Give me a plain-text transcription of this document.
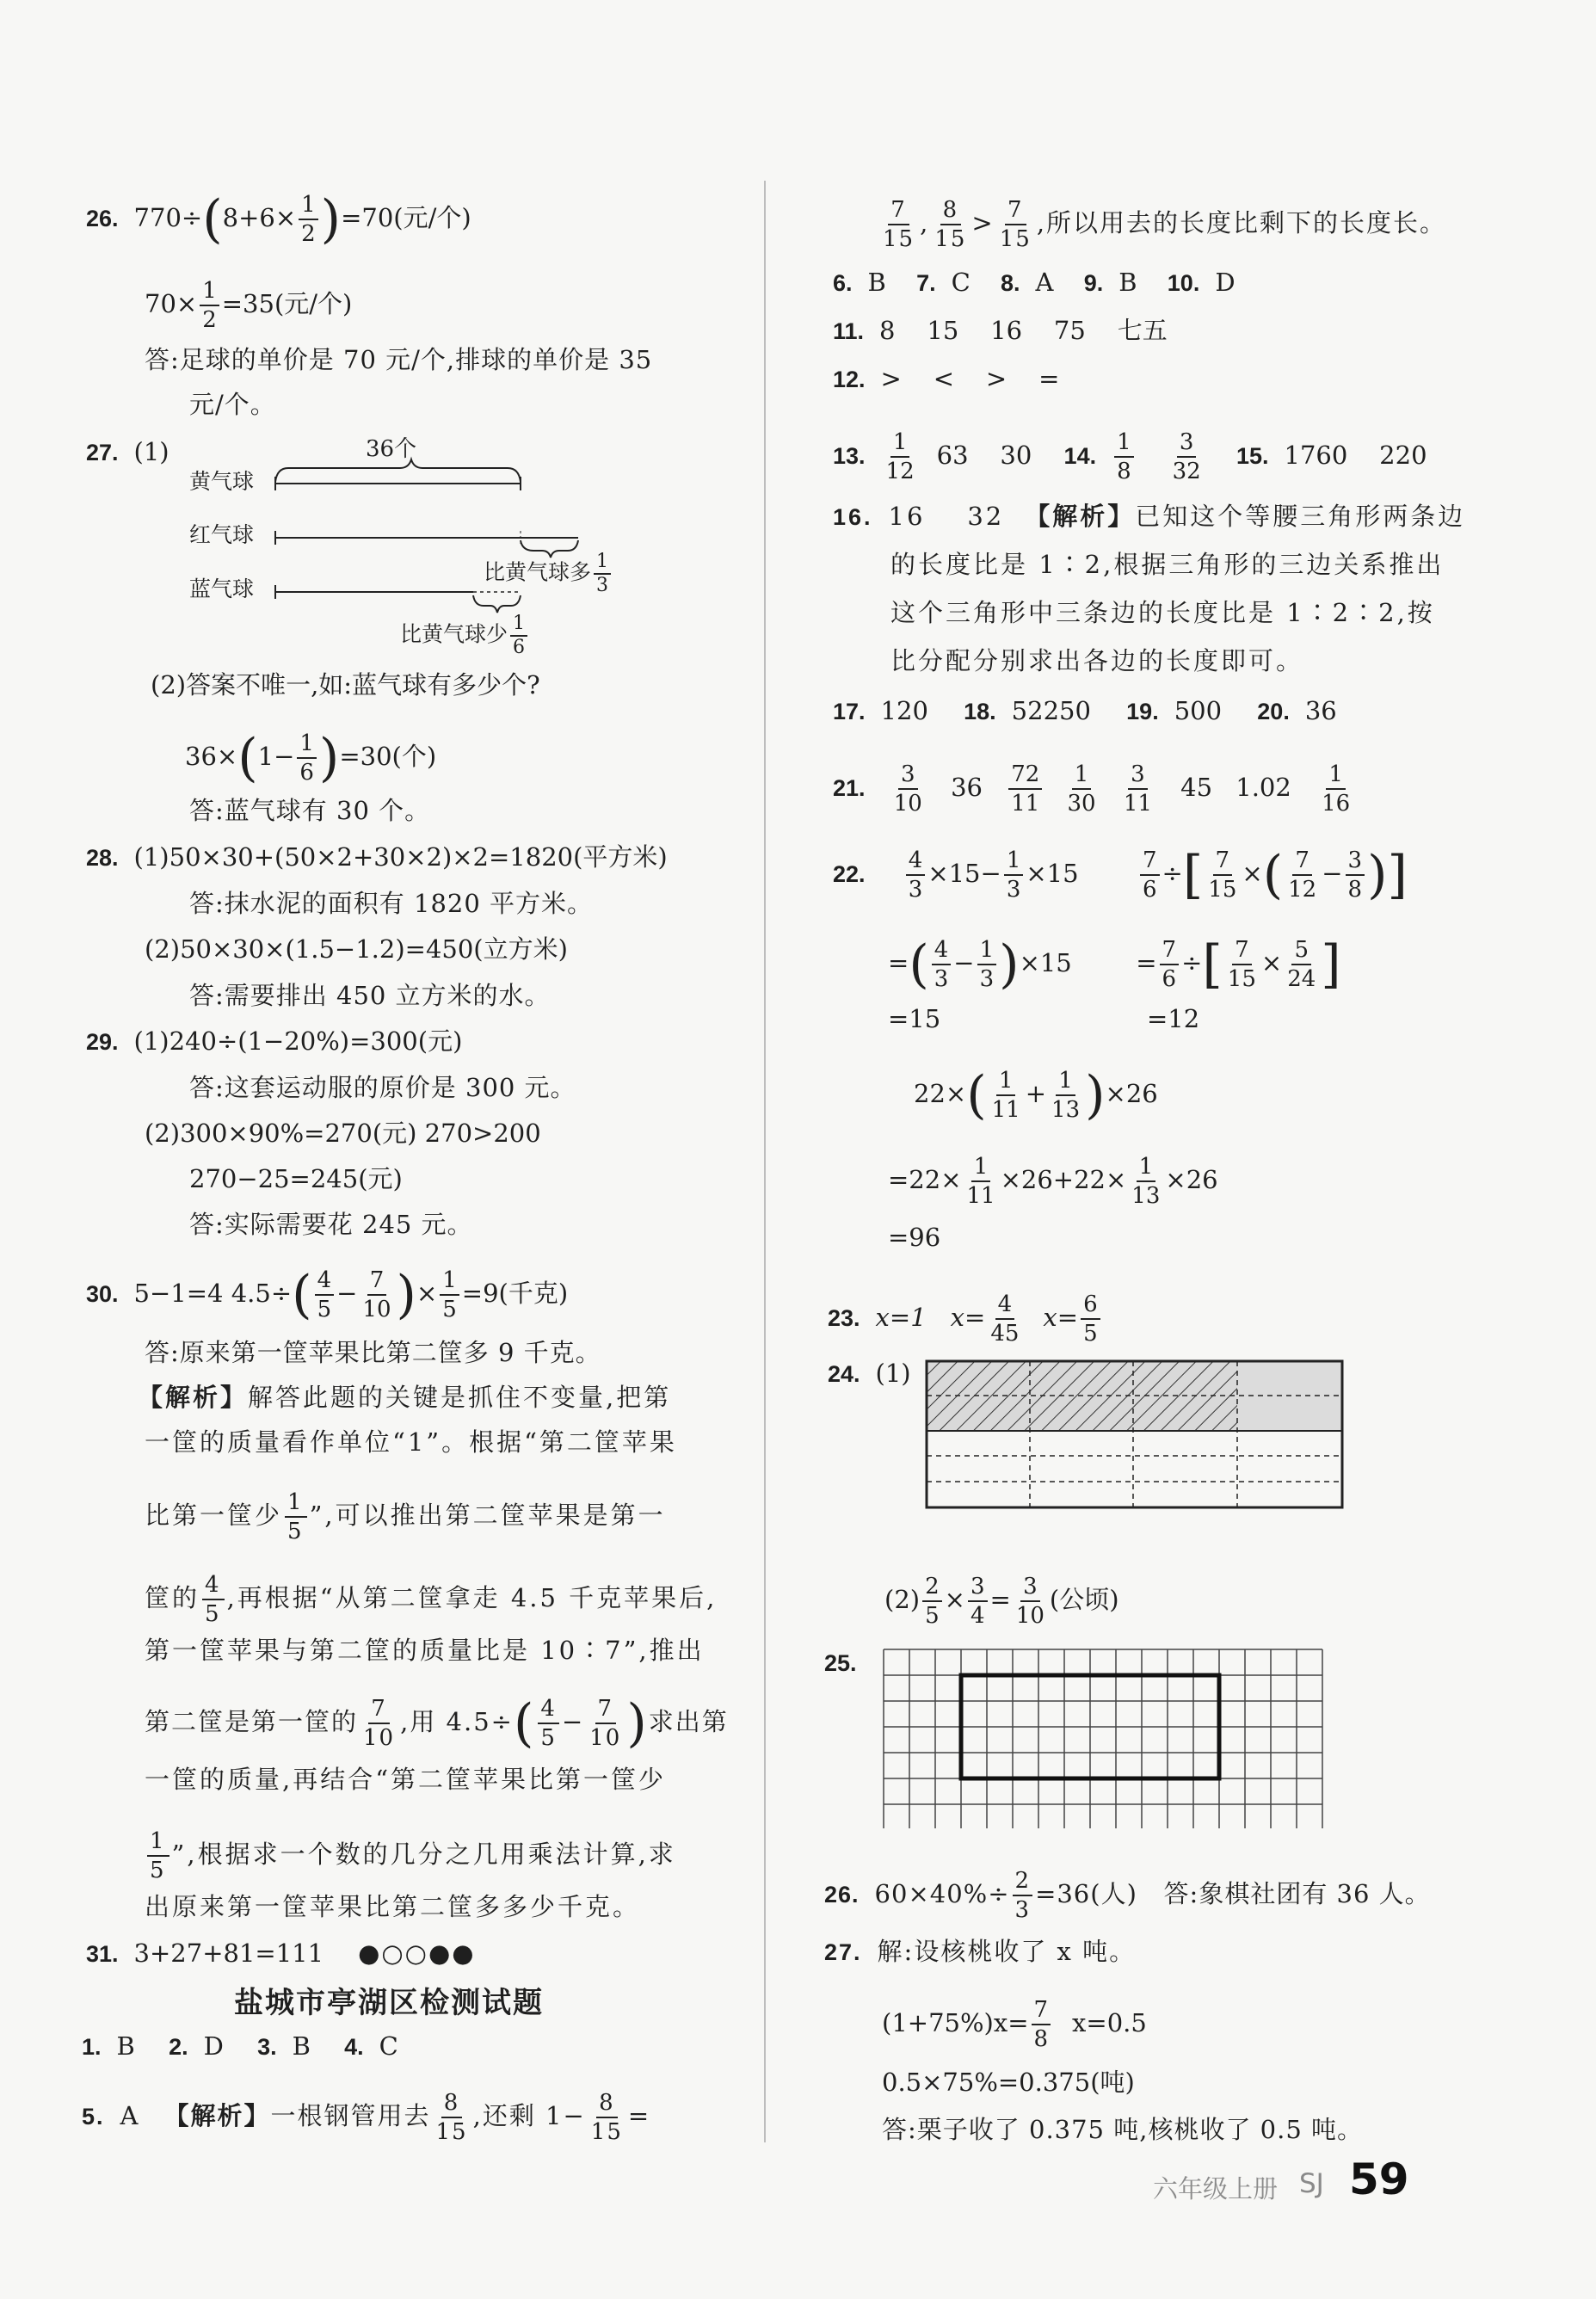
26. $770\div(8+6\times \frac{1}{2} )=70$(元/个)
$70\times \frac{1}{2} =35$(元/个)
答:足球的单价是 70 元/个,排球的单价是 35
元/个。
27. (1)	36个
黄气球
红气球
蓝气球
比黄气球多 $\frac{1}{3}$
比黄气球少 $\frac{1}{6}$
(2)答案不唯一,如:蓝气球有多少个?
$36\times(1- \frac{1}{6} )=30$(个)
答:蓝气球有 30 个。
28. (1)50×30+(50×2+30×2)×2=1820(平方米)
答:抹水泥的面积有 1820 平方米。
(2)50×30×(1.5−1.2)=450(立方米)
答:需要排出 450 立方米的水。
29. (1)240÷(1−20%)=300(元)
答:这套运动服的原价是 300 元。
(2)300×90%=270(元) 270>200
270−25=245(元)
答:实际需要花 245 元。
30. 5−1=4 $4.5\div( \frac{4}{5} - \frac{7}{10}$ )× $\frac{1}{5} =9$(千克)
答:原来第一筐苹果比第二筐多 9 千克。
【解析】解答此题的关键是抓住不变量,把第
一筐的质量看作单位“1”。根据“第二筐苹果
比第一筐少 $\frac{1}{5}$ ”,可以推出第二筐苹果是第一
筐的 $\frac{4}{5}$ ,再根据“从第二筐拿走 4.5 千克苹果后,
第一筐苹果与第二筐的质量比是 10∶7”,推出
第二筐是第一筐的 $\frac{7}{10}$ ,用 $4.5\div( \frac{4}{5} - \frac{7}{10}$ )求出第
一筐的质量,再结合“第二筐苹果比第一筐少
$\frac{1}{5}$ ”,根据求一个数的几分之几用乘法计算,求
出原来第一筐苹果比第二筐多多少千克。
31. 3+27+81=111 ●○○●●
盐城市亭湖区检测试题
1. B 2. D 3. B 4. C
5. A 【解析】一根钢管用去 $\frac{8}{15}$ ,还剩 $1- \frac{8}{15}$ =
$\frac{7}{15}$ , $\frac{8}{15} > \frac{7}{15}$ ,所以用去的长度比剩下的长度长。
6. B 7. C 8. A 9. B 10. D
11. 8    15    16    75    七五
12. >    <    >    =
13. $\frac{1}{12} 63$    30 14. $\frac{1}{8} \frac{3}{32} 15$. 1760    220
16. 16    32 【解析】已知这个等腰三角形两条边
的长度比是 1∶2,根据三角形的三边关系推出
这个三角形中三条边的长度比是 1∶2∶2,按
比分配分别求出各边的长度即可。
17. 120 18. 52250 19. 500 20. 36
21. $\frac{3}{10} 36 \frac{72}{11}$
$\frac{1}{30}$
$\frac{3}{11} 45$ $1.02 \frac{1}{16}$
22. $\frac{4}{3} \times 15- \frac{1}{3} \times 15$	$\frac{7}{6}$ ÷[ $\frac{7}{15}$ ×( $\frac{7}{12} - \frac{3}{8}$ )]
=( $\frac{4}{3} - \frac{1}{3} )\times 15$	= $\frac{7}{6}$ ÷[ $\frac{7}{15} \times \frac{5}{24}$ ]
=15	=12
$22\times( \frac{1}{11} + \frac{1}{13} )\times 26$
$=22\times \frac{1}{11} \times 26+22\times \frac{1}{13} \times 26$
=96
23. x=1 $x= \frac{4}{45} x= \frac{6}{5}$
24. (1)
$(2) \frac{2}{5} \times \frac{3}{4} = \frac{3}{10}$ (公顷)
25.
26. $60\times 40\%\div \frac{2}{3} =36$(人)   答:象棋社团有 36 人。
27. 解:设核桃收了 x 吨。
$(1+75\%)x= \frac{7}{8} x=0.5$
0.5×75%=0.375(吨)
答:栗子收了 0.375 吨,核桃收了 0.5 吨。
六年级上册 SJ 59
